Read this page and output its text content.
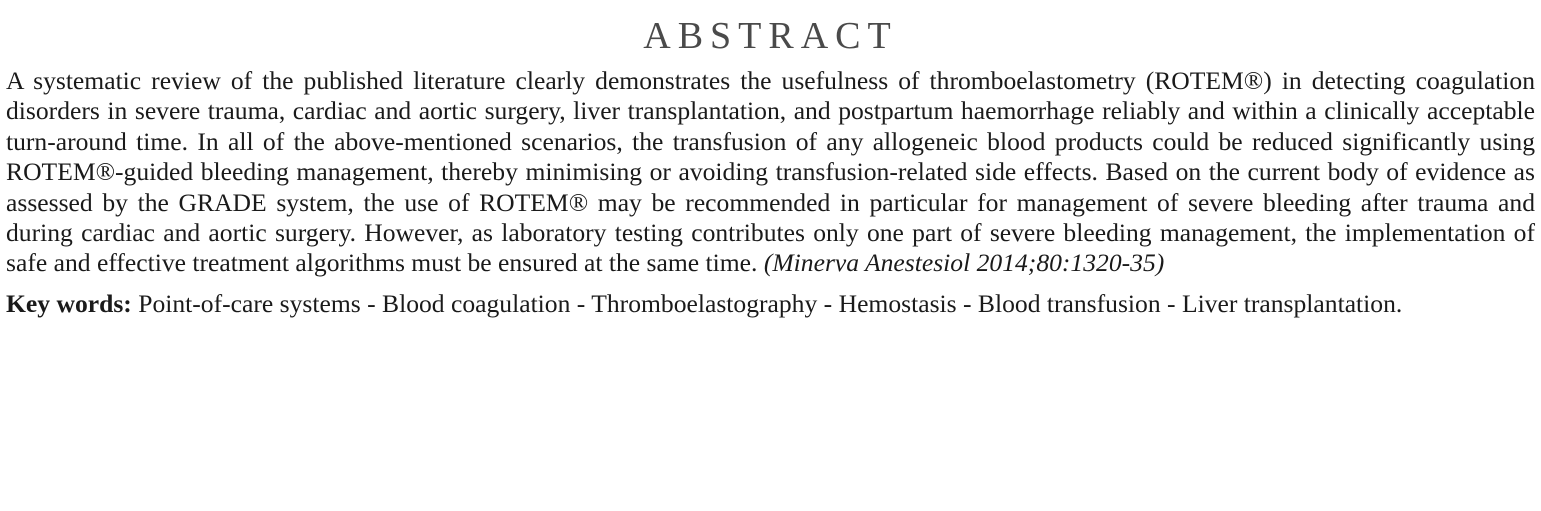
ABSTRACT

A systematic review of the published literature clearly demonstrates the usefulness of thromboelastometry (ROTEM®) in detecting coagulation disorders in severe trauma, cardiac and aortic surgery, liver transplantation, and postpartum haemorrhage reliably and within a clinically acceptable turn-around time. In all of the above-mentioned scenarios, the transfusion of any allogeneic blood products could be reduced significantly using ROTEM®-guided bleeding management, thereby minimising or avoiding transfusion-related side effects. Based on the current body of evidence as assessed by the GRADE system, the use of ROTEM® may be recommended in particular for management of severe bleeding after trauma and during cardiac and aortic surgery. However, as laboratory testing contributes only one part of severe bleeding management, the implementation of safe and effective treatment algorithms must be ensured at the same time. (Minerva Anestesiol 2014;80:1320-35)

Key words: Point-of-care systems - Blood coagulation - Thromboelastography - Hemostasis - Blood transfusion - Liver transplantation.
